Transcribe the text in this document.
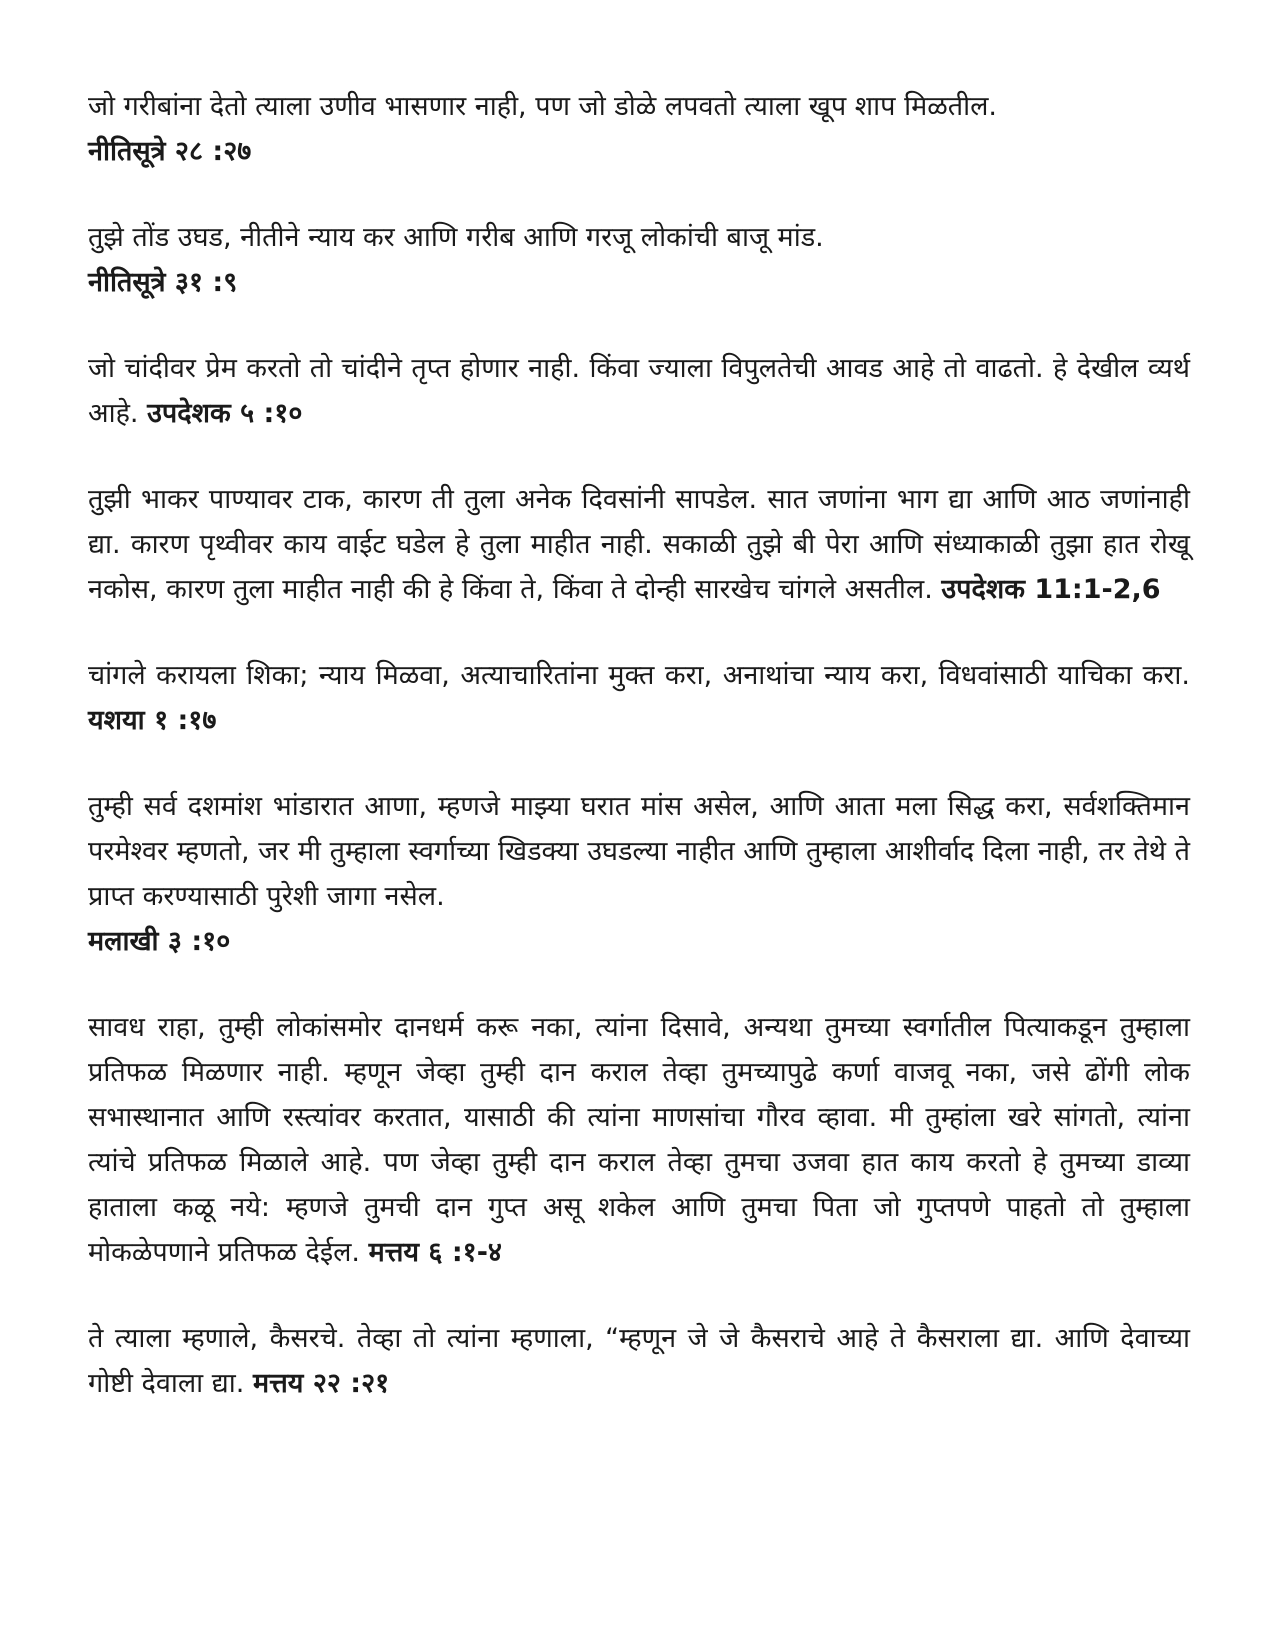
जो गरीबांना देतो त्याला उणीव भासणार नाही, पण जो डोळे लपवतो त्याला खूप शाप मिळतील.

नीतिसूत्रे २८ :२७

तुझे तोंड उघड, नीतीने न्याय कर आणि गरीब आणि गरजू लोकांची बाजू मांड.

नीतिसूत्रे ३१ :९

जो चांदीवर प्रेम करतो तो चांदीने तृप्त होणार नाही. किंवा ज्याला विपुलतेची आवड आहे तो वाढतो. हे देखील व्यर्थ आहे. उपदेशक ५ :१०

तुझी भाकर पाण्यावर टाक, कारण ती तुला अनेक दिवसांनी सापडेल. सात जणांना भाग द्या आणि आठ जणांनाही द्या. कारण पृथ्वीवर काय वाईट घडेल हे तुला माहीत नाही. सकाळी तुझे बी पेरा आणि संध्याकाळी तुझा हात रोखू नकोस, कारण तुला माहीत नाही की हे किंवा ते, किंवा ते दोन्ही सारखेच चांगले असतील. उपदेशक 11:1-2,6

चांगले करायला शिका; न्याय मिळवा, अत्याचारितांना मुक्त करा, अनाथांचा न्याय करा, विधवांसाठी याचिका करा. यशया १ :१७

तुम्ही सर्व दशमांश भांडारात आणा, म्हणजे माझ्या घरात मांस असेल, आणि आता मला सिद्ध करा, सर्वशक्तिमान परमेश्वर म्हणतो, जर मी तुम्हाला स्वर्गाच्या खिडक्या उघडल्या नाहीत आणि तुम्हाला आशीर्वाद दिला नाही, तर तेथे ते प्राप्त करण्यासाठी पुरेशी जागा नसेल.

मलाखी ३ :१०

सावध राहा, तुम्ही लोकांसमोर दानधर्म करू नका, त्यांना दिसावे, अन्यथा तुमच्या स्वर्गातील पित्याकडून तुम्हाला प्रतिफळ मिळणार नाही. म्हणून जेव्हा तुम्ही दान कराल तेव्हा तुमच्यापुढे कर्णा वाजवू नका, जसे ढोंगी लोक सभास्थानात आणि रस्त्यांवर करतात, यासाठी की त्यांना माणसांचा गौरव व्हावा. मी तुम्हांला खरे सांगतो, त्यांना त्यांचे प्रतिफळ मिळाले आहे. पण जेव्हा तुम्ही दान कराल तेव्हा तुमचा उजवा हात काय करतो हे तुमच्या डाव्या हाताला कळू नये: म्हणजे तुमची दान गुप्त असू शकेल आणि तुमचा पिता जो गुप्तपणे पाहतो तो तुम्हाला मोकळेपणाने प्रतिफळ देईल. मत्तय ६ :१-४

ते त्याला म्हणाले, कैसरचे. तेव्हा तो त्यांना म्हणाला, “म्हणून जे जे कैसराचे आहे ते कैसराला द्या. आणि देवाच्या गोष्टी देवाला द्या. मत्तय २२ :२१
